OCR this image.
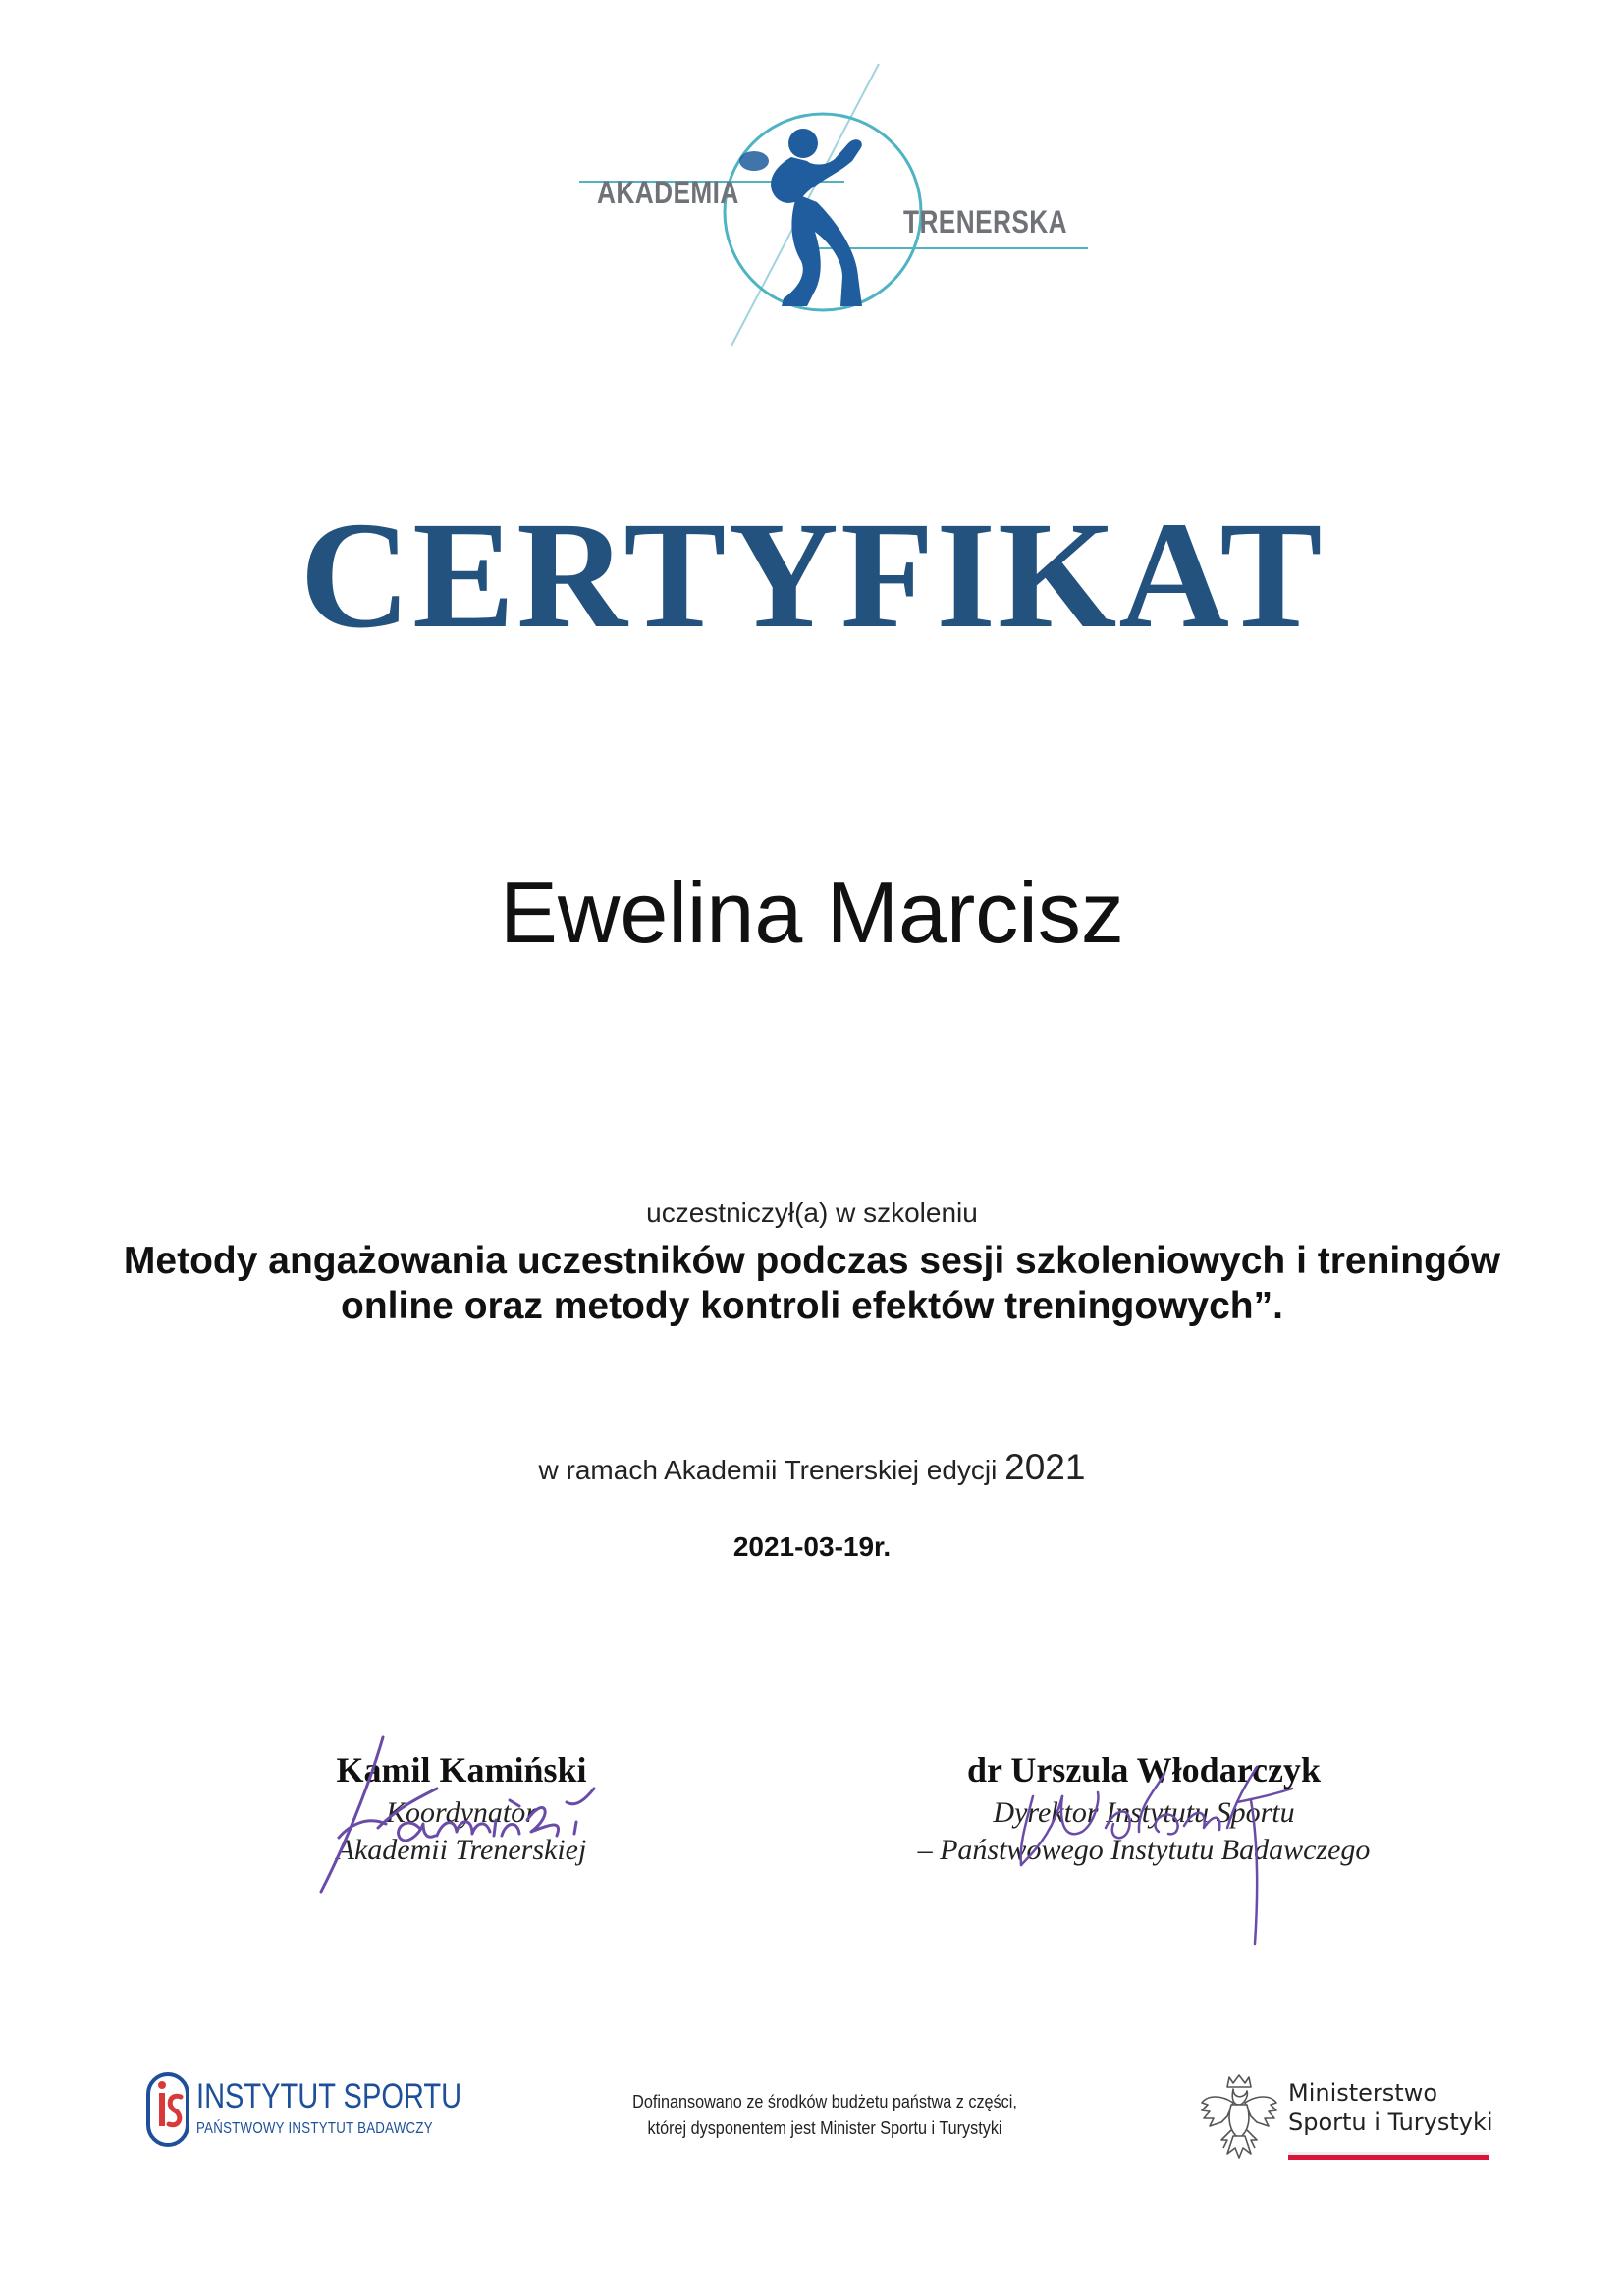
AKADEMIA
TRENERSKA
CERTYFIKAT
Ewelina Marcisz
uczestniczył(a) w szkoleniu
Metody angażowania uczestników podczas sesji szkoleniowych i treningów
online oraz metody kontroli efektów treningowych”.
w ramach Akademii Trenerskiej edycji 2021
2021-03-19r.
Kamil Kamiński
Koordynator
Akademii Trenerskiej
dr Urszula Włodarczyk
Dyrektor Instytutu Sportu
– Państwowego Instytutu Badawczego
INSTYTUT SPORTU
PAŃSTWOWY INSTYTUT BADAWCZY
Dofinansowano ze środków budżetu państwa z części,
której dysponentem jest Minister Sportu i Turystyki
Ministerstwo
Sportu i Turystyki
